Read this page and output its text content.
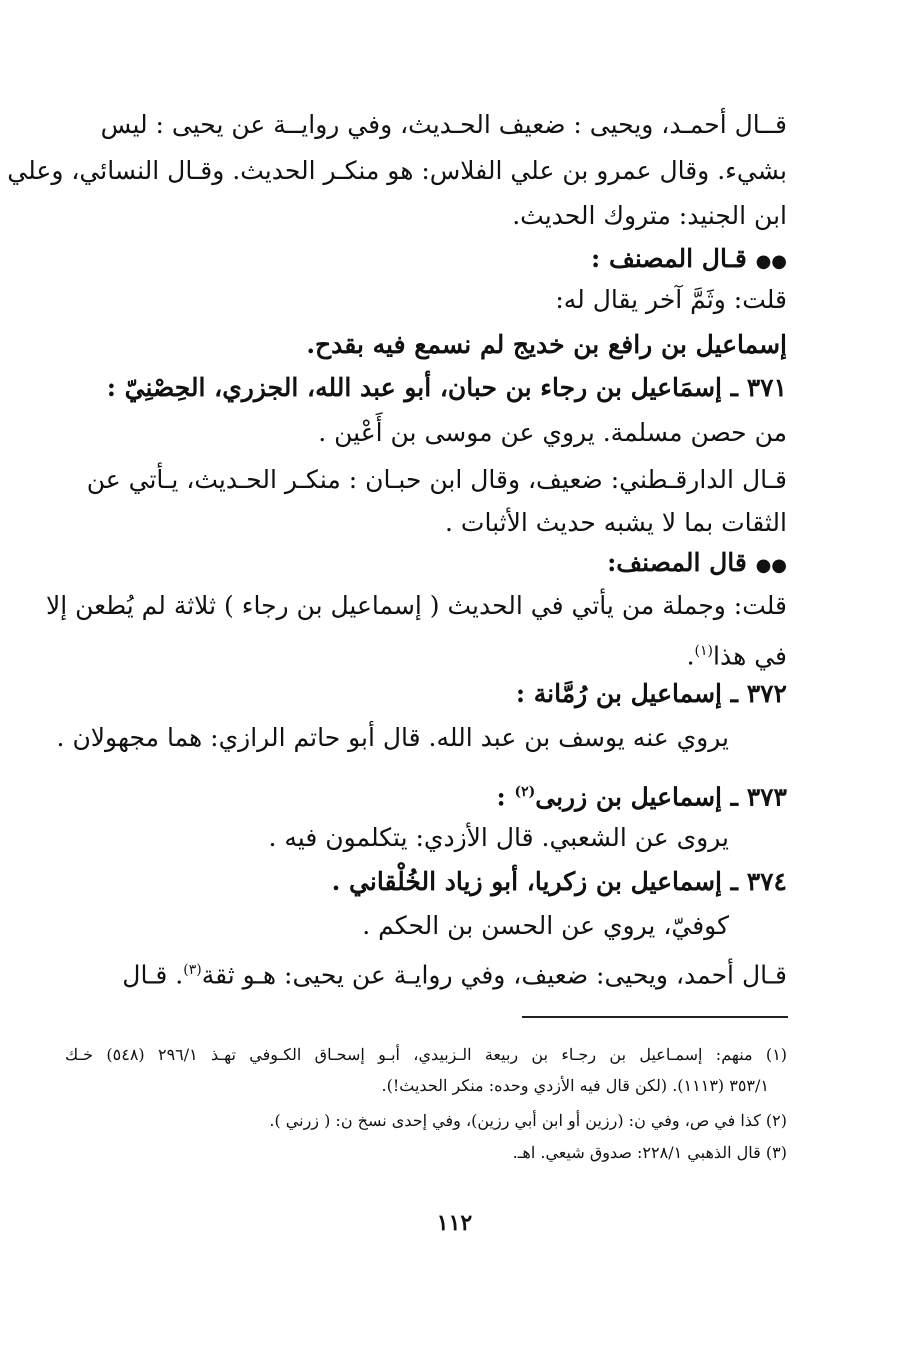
قــال أحمـد، ويحيى : ضعيف الحـديث، وفي روايــة عن يحيى : ليس
بشيء. وقال عمرو بن علي الفلاس: هو منكـر الحديث. وقـال النسائي، وعلي
ابن الجنيد: متروك الحديث.
●● قـال المصنف :
قلت: وثَمَّ آخر يقال له:
إسماعيل بن رافع بن خديج لم نسمع فيه بقدح.
٣٧١ ـ إسمَاعيل بن رجاء بن حبان، أبو عبد الله، الجزري، الحِصْنِيّ :
من حصن مسلمة. يروي عن موسى بن أَعْين .
قـال الدارقـطني: ضعيف، وقال ابن حبـان : منكـر الحـديث، يـأتي عن
الثقات بما لا يشبه حديث الأثبات .
●● قال المصنف:
قلت: وجملة من يأتي في الحديث ( إسماعيل بن رجاء ) ثلاثة لم يُطعن إلا
في هذا$^{(١)}$.
٣٧٢ ـ إسماعيل بن رُمَّانة :
يروي عنه يوسف بن عبد الله. قال أبو حاتم الرازي: هما مجهولان .
٣٧٣ ـ إسماعيل بن زربى$^{(٢)}$ :
يروى عن الشعبي. قال الأزدي: يتكلمون فيه .
٣٧٤ ـ إسماعيل بن زكريا، أبو زياد الخُلْقاني .
كوفيّ، يروي عن الحسن بن الحكم .
قـال أحمد، ويحيى: ضعيف، وفي روايـة عن يحيى: هـو ثقة$^{(٣)}$. قـال
(١) منهم: إسمـاعيل بن رجـاء بن ربيعة الـزبيدي، أبـو إسحـاق الكـوفي تهـذ ٢٩٦/١ (٥٤٨) خـك
٣٥٣/١ (١١١٣). (لكن قال فيه الأزدي وحده: منكر الحديث!).
(٢) كذا في ص، وفي ن: (رزين أو ابن أبي رزين)، وفي إحدى نسخ ن: ( زرني ).
(٣) قال الذهبي ٢٢٨/١: صدوق شيعي. اهـ.
١١٢
